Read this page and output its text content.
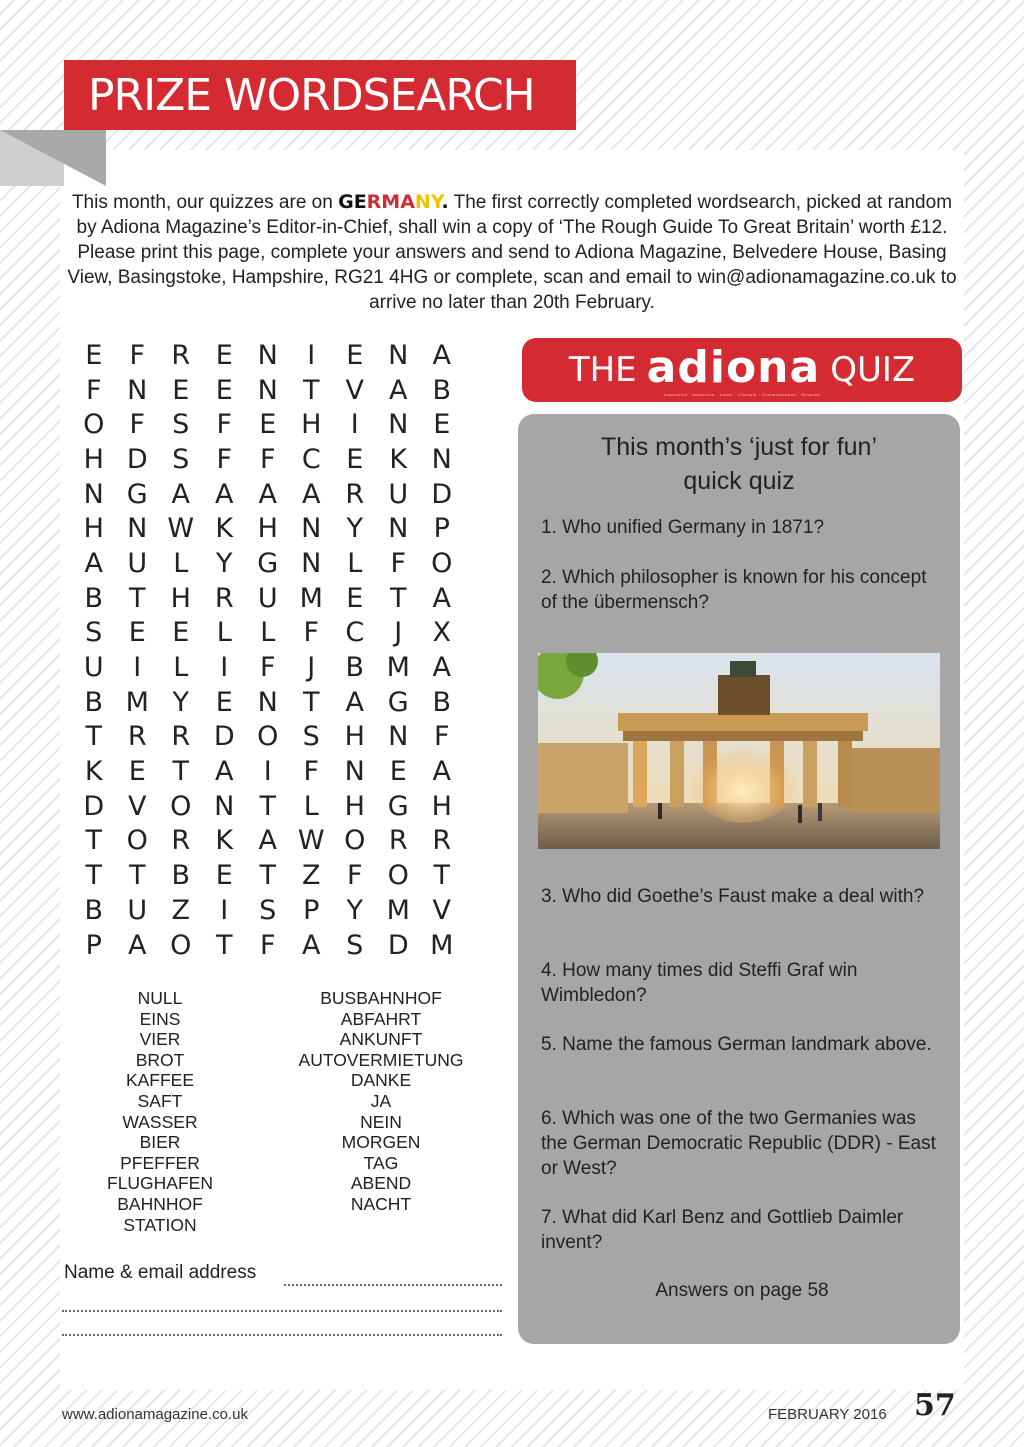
PRIZE WORDSEARCH
This month, our quizzes are on GERMANY. The first correctly completed wordsearch, picked at random by Adiona Magazine’s Editor-in-Chief, shall win a copy of ‘The Rough Guide To Great Britain’ worth £12. Please print this page, complete your answers and send to Adiona Magazine, Belvedere House, Basing View, Basingstoke, Hampshire, RG21 4HG or complete, scan and email to win@adionamagazine.co.uk to arrive no later than 20th February.
E	F R E N	I	E N A
F N E E N T V A B
O F	S	F	E H	I	N E
H D S	F	F C E K N
N G A A A A R U D
H N W K H N Y N P
A U L	Y G N L	F O
B T H R U M E T A
S E E	L	L	F C	J	X
U	I	L	I	F	J	B M A
B M Y E N T A G B
T R R D O S H N F
K E T A	I	F N E A
D V O N T	L H G H
T O R K A W O R R
T	T B E T Z F O T
B U Z	I	S P	Y M V
P A O T	F A S D M
NULL
EINS
VIER
BROT
KAFFEE
SAFT
WASSER
BIER
PFEFFER
FLUGHAFEN
BAHNHOF
STATION
BUSBAHNHOF
ABFAHRT
ANKUNFT
AUTOVERMIETUNG
DANKE
JA
NEIN
MORGEN
TAG
ABEND
NACHT
Name & email address
THE adiona QUIZ
inspiration · adventure · travel · Lifestyle · Communication · Bespoke
This month’s ‘just for fun’
quick quiz
1. Who unified Germany in 1871?
2. Which philosopher is known for his concept of the übermensch?
3. Who did Goethe’s Faust make a deal with?
4. How many times did Steffi Graf win Wimbledon?
5. Name the famous German landmark above.
6. Which was one of the two Germanies was the German Democratic Republic (DDR) - East or West?
7. What did Karl Benz and Gottlieb Daimler invent?
Answers on page 58
www.adionamagazine.co.uk	FEBRUARY 2016 57
